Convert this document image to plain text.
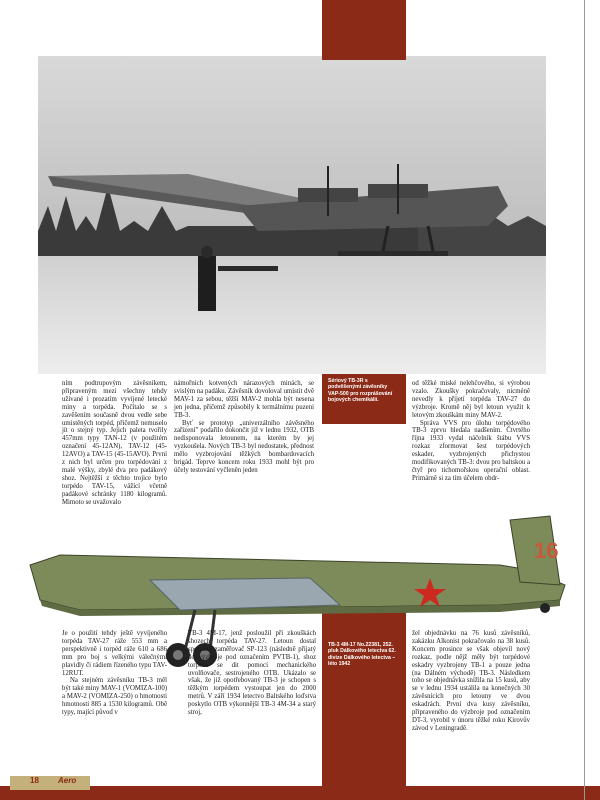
Sériový TB-3R s podvěšenými závěsníky VAP-500 pro rozprášování bojových chemikálií.
TB-3 4M-17 No.22381, 252. pluk Dálkového letectva 62. divize Dálkového letectva – léto 1942

ním podtrupovým závěsníkem, připraveným mezi všechny tehdy užívané i prozatím vyvíjené letecké miny a torpéda. Počítalo se s zavěšením současně dvou vedle sebe umístěných torpéd, přičemž nemuselo jít o stejný typ. Jejich paleta tvořily 457mm typy TAN-12 (v použitém označení 45-12AN), TAV-12 (45-12AVO) a TAV-15 (45-15AVO). První z nich byl určen pro torpédování z malé výšky, zbylé dva pro padákový shoz. Nejtěžší z těchto trojice bylo torpédo TAV-15, vážící včetně padákové schránky 1180 kilogramů. Mimoto se uvažovalo

námořních kotvených nárazových minách, se svislým na padáku. Závěsník dovoloval umístit dvě MAV-1 za sebou, těžší MAV-2 mohla být nesena jen jedna, přičemž způsobily k termálnímu puzeni TB-3.

Byť se prototyp „univerzálního závěsného zařízení" podařilo dokončit již v lednu 1932, OTB nedisponovala letounem, na kterém by jej vyzkoušela. Nových TB-3 byl nedostatek, přednost mělo vyzbrojování těžkých bombardovacích brigád. Teprve koncem roku 1933 mohl být pro účely testování vyčleněn jeden

od těžké miské nelehčového, si výrobou vzalo. Zkoušky pokračovaly, nicméně nevedly k přijetí torpéda TAV-27 do výzbroje. Kromě něj byl letoun využit k letovým zkouškám miny MAV-2.

Správa VVS pro úlohu torpédového TB-3 zprvu hledala nadšením. Čtvrtého října 1933 vydal náčelník štábu VVS rozkaz zformovat šest torpédových eskader, vyzbrojených přichystou modifikovaných TB-3: dvou pro baltskou a čtyř pro tichomořskou operační oblast. Primárně si za tím účelem obdr-

16

Je o použití tehdy ještě vyvíjeného torpéda TAV-27 ráže 553 mm a perspektivně i torpéd ráže 610 a 686 mm pro boj s velkými válečnými plavidly či rádiem řízeného typu TAV-12RUT.

Na stejném závěsníku TB-3 měl být také miny MAV-1 (VOMIZA-100) a MAV-2 (VOMIZA-250) o hmotnosti hmotnosti 885 a 1530 kilogramů. Obě typy, mající původ v

TB-3 4M-17, jenž posloužil při zkouškách shozech torpéda TAV-27. Letoun dostal speciální zaměřovač SP-123 (následně přijatý do výzbroje pod označením PVTB-1), shoz torpéda se dit pomocí mechanického uvolňovače, sestrojeného OTB. Ukázalo se však, že již opotřebovaný TB-3 je schopen s těžkým torpédem vystoupat jen do 2000 metrů. V září 1934 letectvo Baltského loďstva poskytlo OTB výkonnější TB-3 4M-34 a starý stroj,

žel objednávku na 76 kusů závěsníků, zakázku Alkonist pokračovalo na 38 kusů. Koncem prosince se však objevil nový rozkaz, podle nějž měly být torpédové eskadry vyzbrojeny TB-1 a pouze jedna (na Dálném východě) TB-3. Následkem toho se objednávka snížila na 15 kusů, aby se v lednu 1934 ustálila na konečných 30 závěsnících pro letouny ve dvou eskadrách. První dva kusy závěsníku, připraveného do výzbroje pod označením DT-3, vyrobil v únoru těžké roku Kirovův závod v Leningradě.

18 Aero
